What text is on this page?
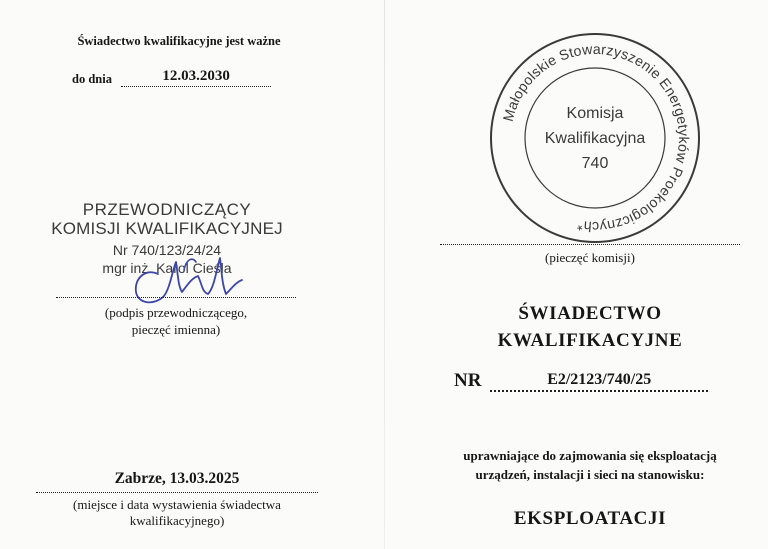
Świadectwo kwalifikacyjne jest ważne
do dnia	12.03.2030
PRZEWODNICZĄCY
KOMISJI KWALIFIKACYJNEJ
Nr 740/123/24/24
mgr inż. Karol Cieśla
(podpis przewodniczącego,
pieczęć imienna)
Zabrze, 13.03.2025
(miejsce i data wystawienia świadectwa
kwalifikacyjnego)
Małopolskie Stowarzyszenie Energetyków Proekologicznych*
Komisja
Kwalifikacyjna
740
(pieczęć komisji)
ŚWIADECTWO
KWALIFIKACYJNE
NR	E2/2123/740/25
uprawniające do zajmowania się eksploatacją
urządzeń, instalacji i sieci na stanowisku:
EKSPLOATACJI
